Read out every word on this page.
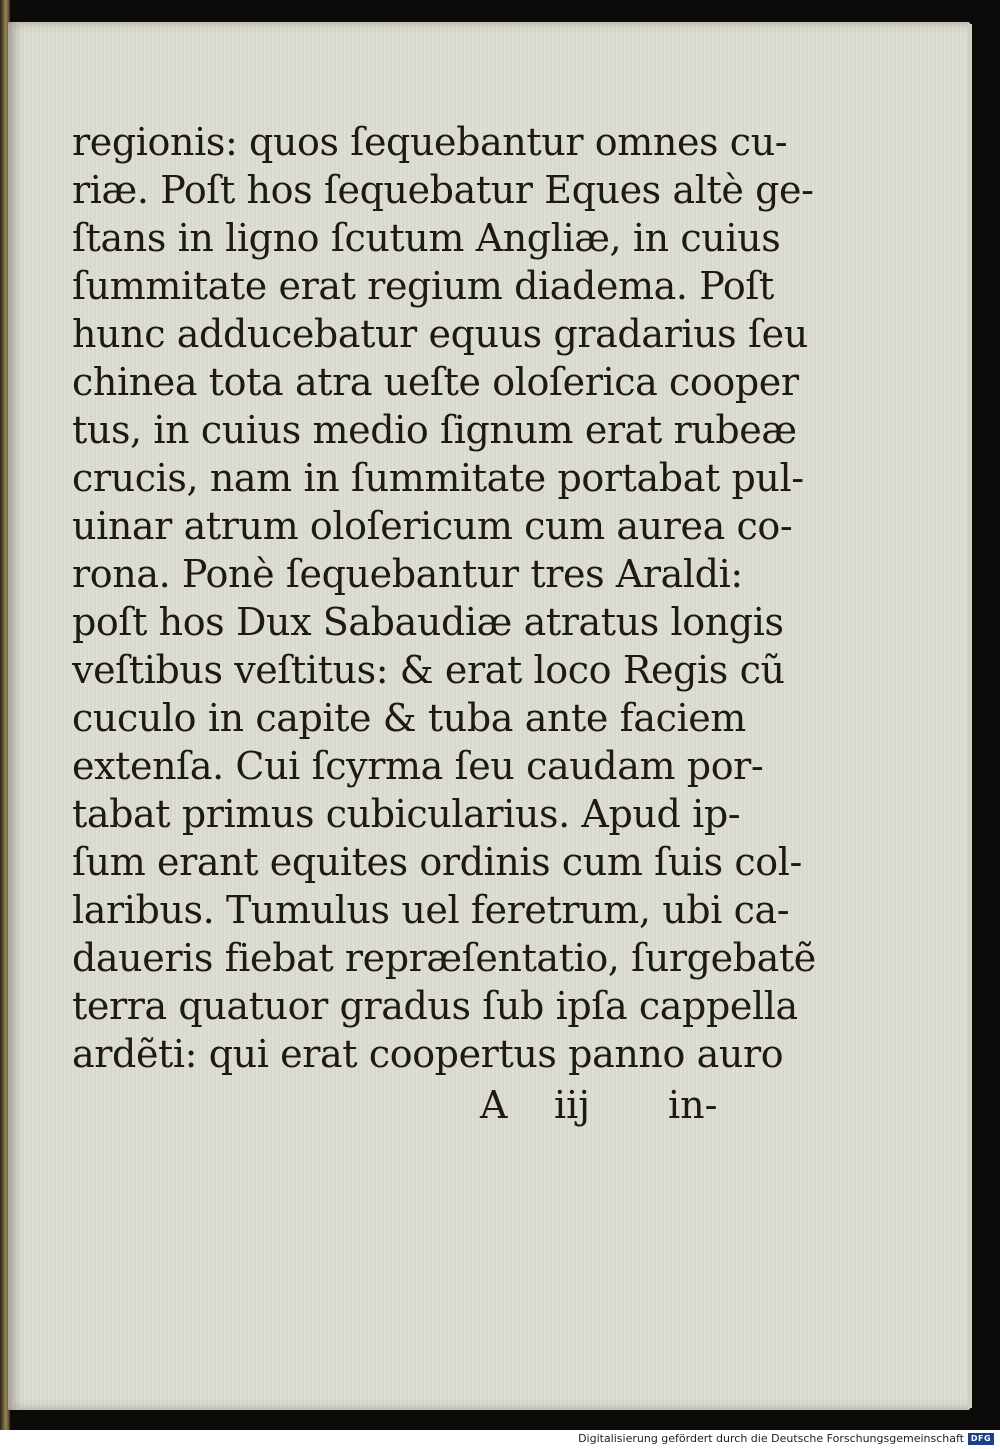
regionis: quos ſequebantur omnes cu-
riæ. Poſt hos ſequebatur Eques altè ge-
ſtans in ligno ſcutum Angliæ, in cuius
ſummitate erat regium diadema. Poſt
hunc adducebatur equus gradarius ſeu
chinea tota atra ueſte oloſerica cooper
tus, in cuius medio ſignum erat rubeæ
crucis, nam in ſummitate portabat pul-
uinar atrum oloſericum cum aurea co-
rona. Ponè ſequebantur tres Araldi:
poſt hos Dux Sabaudiæ atratus longis
veſtibus veſtitus: & erat loco Regis cũ
cuculo in capite & tuba ante faciem
extenſa. Cui ſcyrma ſeu caudam por-
tabat primus cubicularius. Apud ip-
ſum erant equites ordinis cum ſuis col-
laribus. Tumulus uel feretrum, ubi ca-
daueris fiebat repræſentatio, ſurgebatẽ
terra quatuor gradus ſub ipſa cappella
ardẽti: qui erat coopertus panno auro
A iij in-
Digitalisierung gefördert durch die Deutsche Forschungsgemeinschaft DFG
